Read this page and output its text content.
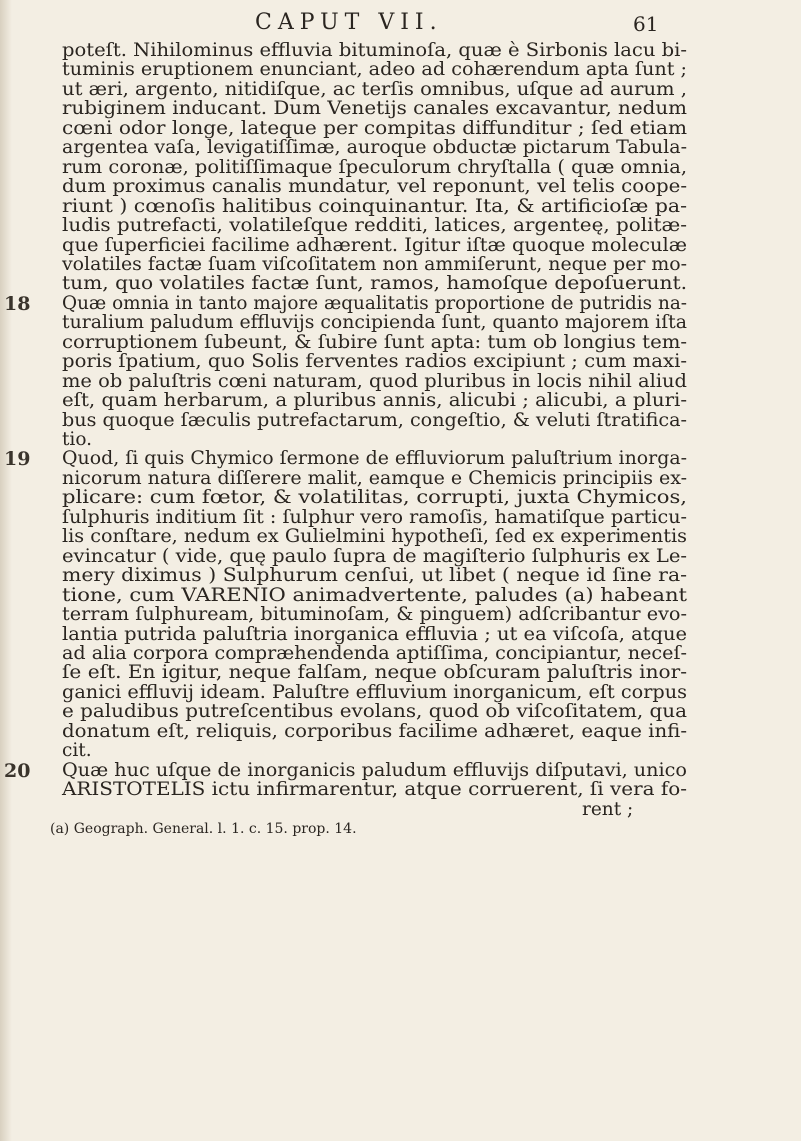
CAPUT VII.	61
poteſt. Nihilominus effluvia bituminoſa, quæ è Sirbonis lacu bi-
tuminis eruptionem enunciant, adeo ad cohærendum apta ſunt ;
ut æri, argento, nitidiſque, ac terſis omnibus, uſque ad aurum ,
rubiginem inducant. Dum Venetijs canales excavantur, nedum
cœni odor longe, lateque per compitas diffunditur ; ſed etiam
argentea vaſa, levigatiſſimæ, auroque obductæ pictarum Tabula-
rum coronæ, politiſſimaque ſpeculorum chryſtalla ( quæ omnia,
dum proximus canalis mundatur, vel reponunt, vel telis coope-
riunt ) cœnoſis halitibus coinquinantur. Ita, & artificioſæ pa-
ludis putrefacti, volatileſque redditi, latices, argenteę, politæ-
que ſuperficiei facilime adhærent. Igitur iſtæ quoque moleculæ
volatiles factæ ſuam viſcoſitatem non ammiſerunt, neque per mo-
tum, quo volatiles factæ ſunt, ramos, hamoſque depoſuerunt.
18 Quæ omnia in tanto majore æqualitatis proportione de putridis na-
turalium paludum effluvijs concipienda ſunt, quanto majorem iſta
corruptionem ſubeunt, & ſubire ſunt apta: tum ob longius tem-
poris ſpatium, quo Solis ferventes radios excipiunt ; cum maxi-
me ob paluſtris cœni naturam, quod pluribus in locis nihil aliud
eſt, quam herbarum, a pluribus annis, alicubi ; alicubi, a pluri-
bus quoque ſæculis putrefactarum, congeſtio, & veluti ſtratifica-
tio.
19 Quod, ſi quis Chymico ſermone de effluviorum paluſtrium inorga-
nicorum natura diſſerere malit, eamque e Chemicis principiis ex-
plicare: cum fœtor, & volatilitas, corrupti, juxta Chymicos,
ſulphuris inditium ſit : ſulphur vero ramoſis, hamatiſque particu-
lis conſtare, nedum ex Gulielmini hypotheſi, ſed ex experimentis
evincatur ( vide, quę paulo ſupra de magiſterio ſulphuris ex Le-
mery diximus ) Sulphurum cenſui, ut libet ( neque id ſine ra-
tione, cum VARENIO animadvertente, paludes (a) habeant
terram ſulphuream, bituminoſam, & pinguem) adſcribantur evo-
lantia putrida paluſtria inorganica effluvia ; ut ea viſcoſa, atque
ad alia corpora compræhendenda aptiſſima, concipiantur, neceſ-
ſe eſt. En igitur, neque falſam, neque obſcuram paluſtris inor-
ganici effluvij ideam. Paluſtre effluvium inorganicum, eſt corpus
e paludibus putreſcentibus evolans, quod ob viſcoſitatem, qua
donatum eſt, reliquis, corporibus facilime adhæret, eaque infi-
cit.
20 Quæ huc uſque de inorganicis paludum effluvijs diſputavi, unico
ARISTOTELIS ictu infirmarentur, atque corruerent, ſi vera fo-
rent ;
(a) Geograph. General. l. 1. c. 15. prop. 14.
